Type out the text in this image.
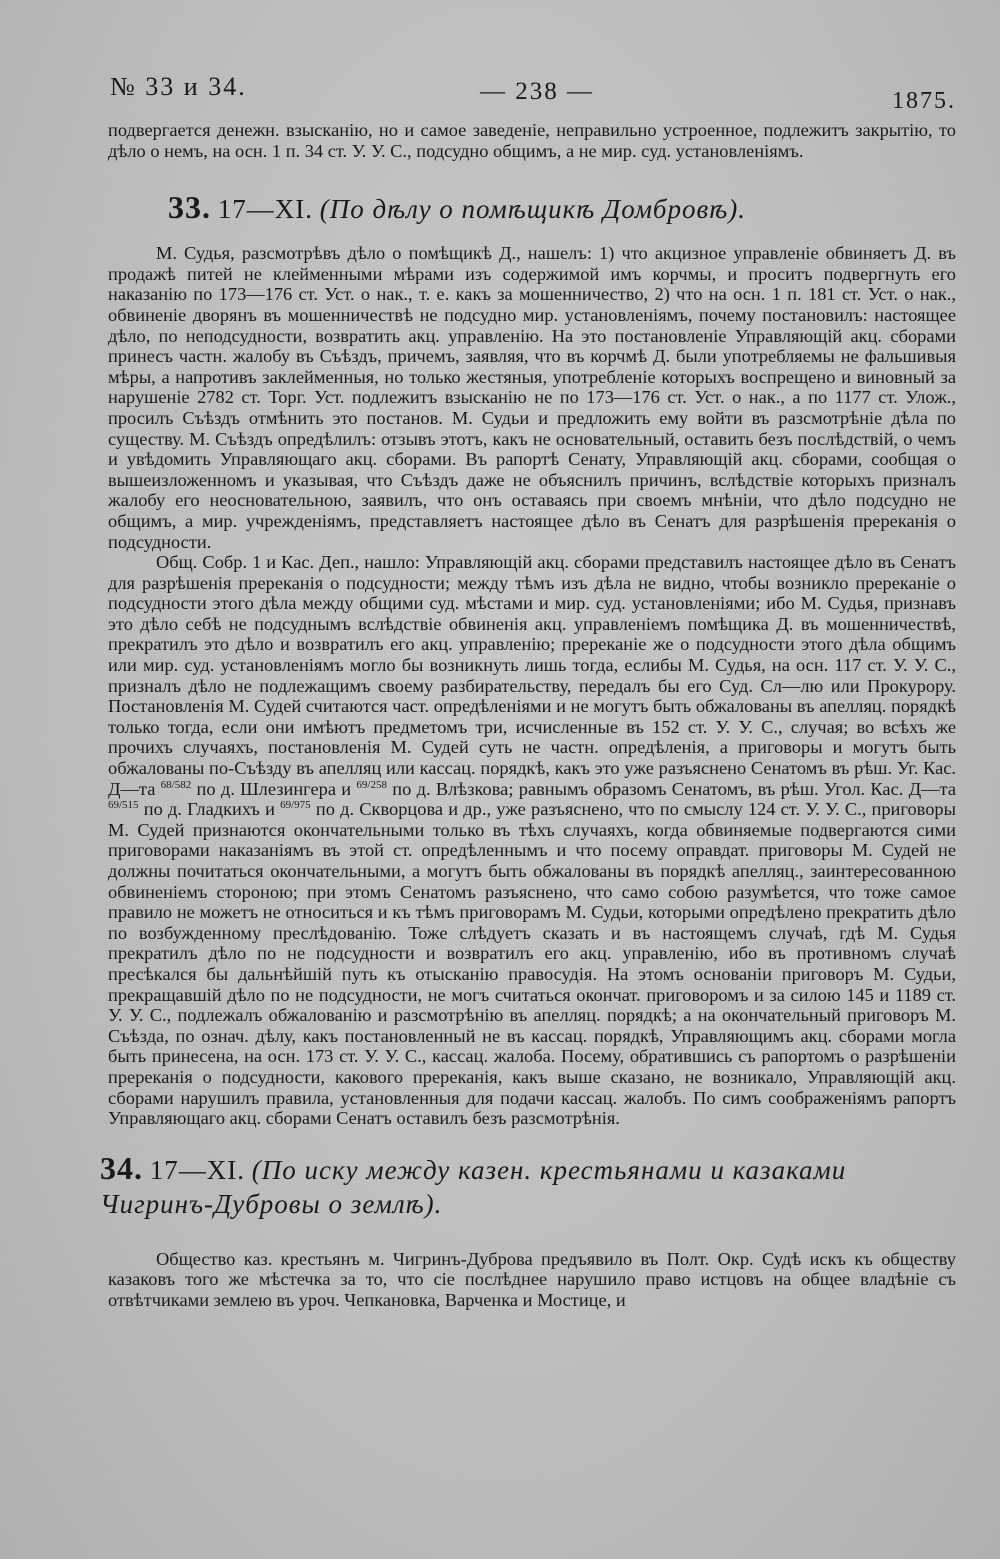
№ 33 и 34.	— 238 —	1875.

подвергается денежн. взысканію, но и самое заведеніе, неправильно устроенное, подлежитъ закрытію, то дѣло о немъ, на осн. 1 п. 34 ст. У. У. С., подсудно общимъ, а не мир. суд. установленіямъ.

33. 17—XI. (По дѣлу о помѣщикѣ Домбровѣ).

М. Судья, разсмотрѣвъ дѣло о помѣщикѣ Д., нашелъ: 1) что акцизное управленіе обвиняетъ Д. въ продажѣ питей не клейменными мѣрами изъ содержимой имъ корчмы, и проситъ подвергнуть его наказанію по 173—176 ст. Уст. о нак., т. е. какъ за мошенничество, 2) что на осн. 1 п. 181 ст. Уст. о нак., обвиненіе дворянъ въ мошенничествѣ не подсудно мир. установленіямъ, почему постановилъ: настоящее дѣло, по неподсудности, возвратить акц. управленію. На это постановленіе Управляющій акц. сборами принесъ частн. жалобу въ Съѣздъ, причемъ, заявляя, что въ корчмѣ Д. были употребляемы не фальшивыя мѣры, а напротивъ заклейменныя, но только жестяныя, употребленіе которыхъ воспрещено и виновный за нарушеніе 2782 ст. Торг. Уст. подлежитъ взысканію не по 173—176 ст. Уст. о нак., а по 1177 ст. Улож., просилъ Съѣздъ отмѣнить это постанов. М. Судьи и предложить ему войти въ разсмотрѣніе дѣла по существу. М. Съѣздъ опредѣлилъ: отзывъ этотъ, какъ не основательный, оставить безъ послѣдствій, о чемъ и увѣдомить Управляющаго акц. сборами. Въ рапортѣ Сенату, Управляющій акц. сборами, сообщая о вышеизложенномъ и указывая, что Съѣздъ даже не объяснилъ причинъ, вслѣдствіе которыхъ призналъ жалобу его неосновательною, заявилъ, что онъ оставаясь при своемъ мнѣніи, что дѣло подсудно не общимъ, а мир. учрежденіямъ, представляетъ настоящее дѣло въ Сенатъ для разрѣшенія пререканія о подсудности.

Общ. Собр. 1 и Кас. Деп., нашло: Управляющій акц. сборами представилъ настоящее дѣло въ Сенатъ для разрѣшенія пререканія о подсудности; между тѣмъ изъ дѣла не видно, чтобы возникло пререканіе о подсудности этого дѣла между общими суд. мѣстами и мир. суд. установленіями; ибо М. Судья, признавъ это дѣло себѣ не подсуднымъ вслѣдствіе обвиненія акц. управленіемъ помѣщика Д. въ мошенничествѣ, прекратилъ это дѣло и возвратилъ его акц. управленію; пререканіе же о подсудности этого дѣла общимъ или мир. суд. установленіямъ могло бы возникнуть лишь тогда, еслибы М. Судья, на осн. 117 ст. У. У. С., призналъ дѣло не подлежащимъ своему разбирательству, передалъ бы его Суд. Сл—лю или Прокурору. Постановленія М. Судей считаются част. опредѣленіями и не могутъ быть обжалованы въ апелляц. порядкѣ только тогда, если они имѣютъ предметомъ три, исчисленные въ 152 ст. У. У. С., случая; во всѣхъ же прочихъ случаяхъ, постановленія М. Судей суть не частн. опредѣленія, а приговоры и могутъ быть обжалованы по-Съѣзду въ апелляц или кассац. порядкѣ, какъ это уже разъяснено Сенатомъ въ рѣш. Уг. Кас. Д—та $^{68/582}$ по д. Шлезингера и $^{69/258}$ по д. Влѣзкова; равнымъ образомъ Сенатомъ, въ рѣш. Угол. Кас. Д—та $^{69/515}$ по д. Гладкихъ и $^{69/975}$ по д. Скворцова и др., уже разъяснено, что по смыслу 124 ст. У. У. С., приговоры М. Судей признаются окончательными только въ тѣхъ случаяхъ, когда обвиняемые подвергаются сими приговорами наказаніямъ въ этой ст. опредѣленнымъ и что посему оправдат. приговоры М. Судей не должны почитаться окончательными, а могутъ быть обжалованы въ порядкѣ апелляц., заинтересованною обвиненіемъ стороною; при этомъ Сенатомъ разъяснено, что само собою разумѣется, что тоже самое правило не можетъ не относиться и къ тѣмъ приговорамъ М. Судьи, которыми опредѣлено прекратить дѣло по возбужденному преслѣдованію. Тоже слѣдуетъ сказать и въ настоящемъ случаѣ, гдѣ М. Судья прекратилъ дѣло по не подсудности и возвратилъ его акц. управленію, ибо въ противномъ случаѣ пресѣкался бы дальнѣйшій путь къ отысканію правосудія. На этомъ основаніи приговоръ М. Судьи, прекращавшій дѣло по не подсудности, не могъ считаться окончат. приговоромъ и за силою 145 и 1189 ст. У. У. С., подлежалъ обжалованію и разсмотрѣнію въ апелляц. порядкѣ; а на окончательный приговоръ М. Съѣзда, по означ. дѣлу, какъ постановленный не въ кассац. порядкѣ, Управляющимъ акц. сборами могла быть принесена, на осн. 173 ст. У. У. С., кассац. жалоба. Посему, обратившись съ рапортомъ о разрѣшеніи пререканія о подсудности, какового пререканія, какъ выше сказано, не возникало, Управляющій акц. сборами нарушилъ правила, установленныя для подачи кассац. жалобъ. По симъ соображеніямъ рапортъ Управляющаго акц. сборами Сенатъ оставилъ безъ разсмотрѣнія.

34. 17—XI. (По иску между казен. крестьянами и казаками Чигринъ-Дубровы о землѣ).

Общество каз. крестьянъ м. Чигринъ-Дуброва предъявило въ Полт. Окр. Судѣ искъ къ обществу казаковъ того же мѣстечка за то, что сіе послѣднее нарушило право истцовъ на общее владѣніе съ отвѣтчиками землею въ уроч. Чепкановка, Варченка и Мостице, и
